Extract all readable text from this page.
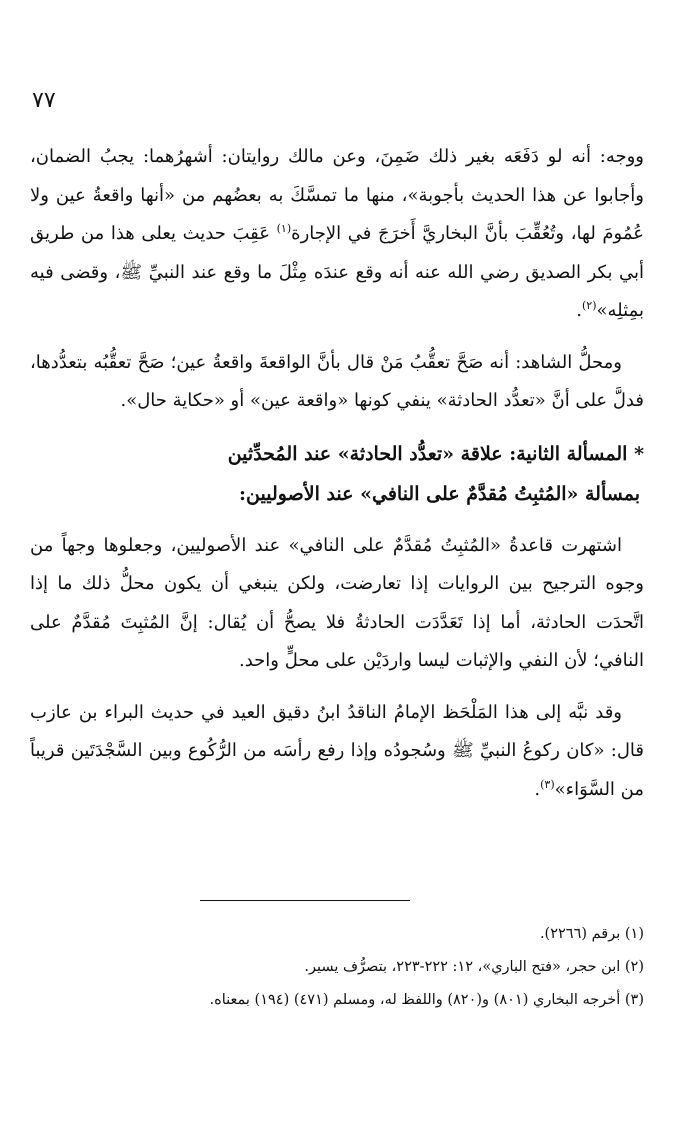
٧٧

ووجه: أنه لو دَفَعَه بغير ذلك ضَمِنَ، وعن مالك روايتان: أشهرُهما: يجبُ الضمان، وأجابوا عن هذا الحديث بأجوبة»، منها ما تمسَّكَ به بعضُهم من «أنها واقعةُ عين ولا عُمُومَ لها، وتُعُقِّبَ بأنَّ البخاريَّ أَخرَجَ في الإجارة$^{(١)}$ عَقِبَ حديث يعلى هذا من طريق أبي بكر الصديق رضي الله عنه أنه وقع عندَه مِثْلَ ما وقع عند النبيِّ ﷺ، وقضى فيه بمِثلِه»$^{(٢)}$.

ومحلُّ الشاهد: أنه صَحَّ تعقُّبُ مَنْ قال بأنَّ الواقعةَ واقعةُ عين؛ صَحَّ تعقُّبُه بتعدُّدها، فدلَّ على أنَّ «تعدُّد الحادثة» ينفي كونها «واقعة عين» أو «حكاية حال».

* المسألة الثانية: علاقة «تعدُّد الحادثة» عند المُحدِّثين
بمسألة «المُثبِتُ مُقدَّمٌ على النافي» عند الأصوليين:

اشتهرت قاعدةُ «المُثبِتُ مُقدَّمٌ على النافي» عند الأصوليين، وجعلوها وجهاً من وجوه الترجيح بين الروايات إذا تعارضت، ولكن ينبغي أن يكون محلُّ ذلك ما إذا اتَّحدَت الحادثة، أما إذا تَعَدَّدَت الحادثةُ فلا يصحُّ أن يُقال: إنَّ المُثبِتَ مُقدَّمٌ على النافي؛ لأن النفي والإثبات ليسا واردَيْن على محلٍّ واحد.

وقد نبَّه إلى هذا المَلْحَظ الإمامُ الناقدُ ابنُ دقيق العيد في حديث البراء بن عازب قال: «كان ركوعُ النبيِّ ﷺ وسُجودُه وإذا رفع رأسَه من الرُّكُوع وبين السَّجْدَتَين قريباً من السَّوَاء»$^{(٣)}$.

(١) برقم (٢٢٦٦).

(٢) ابن حجر، «فتح الباري»، ١٢: ٢٢٢-٢٢٣، بتصرُّف يسير.

(٣) أخرجه البخاري (٨٠١) و(٨٢٠) واللفظ له، ومسلم (٤٧١) (١٩٤) بمعناه.
